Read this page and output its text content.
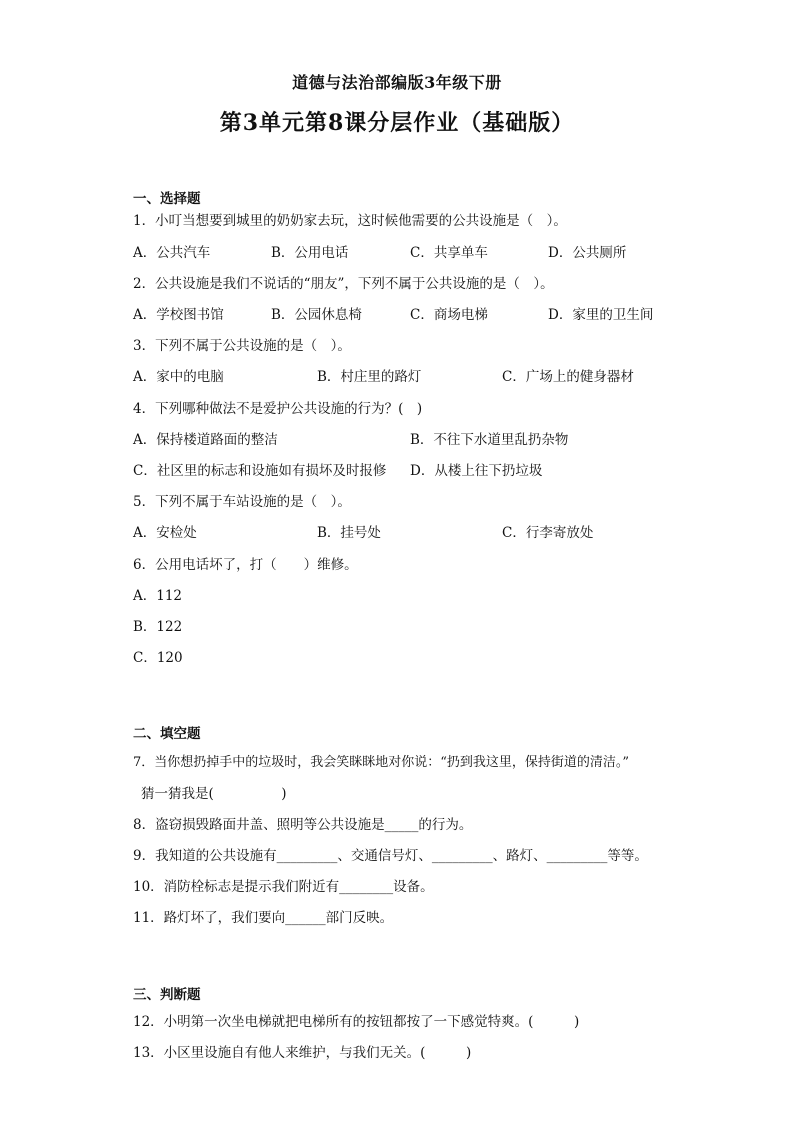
道德与法治部编版3年级下册
第3单元第8课分层作业（基础版）
一、选择题
1．小叮当想要到城里的奶奶家去玩，这时候他需要的公共设施是（　）。
A．公共汽车	B．公用电话	C．共享单车	D．公共厕所
2．公共设施是我们不说话的“朋友”，下列不属于公共设施的是（　）。
A．学校图书馆	B．公园休息椅	C．商场电梯	D．家里的卫生间
3．下列不属于公共设施的是（　）。
A．家中的电脑	B．村庄里的路灯	C．广场上的健身器材
4．下列哪种做法不是爱护公共设施的行为？(　)
A．保持楼道路面的整洁	B．不往下水道里乱扔杂物
C．社区里的标志和设施如有损坏及时报修 D．从楼上往下扔垃圾
5．下列不属于车站设施的是（　）。
A．安检处	B．挂号处	C．行李寄放处
6．公用电话坏了，打（　　）维修。
A．112
B．122
C．120
二、填空题
7．当你想扔掉手中的垃圾时，我会笑眯眯地对你说：“扔到我这里，保持街道的清洁。”
猜一猜我是(　　　　　)
8．盗窃损毁路面井盖、照明等公共设施是_____的行为。
9．我知道的公共设施有_________、交通信号灯、_________、路灯、_________等等。
10．消防栓标志是提示我们附近有________设备。
11．路灯坏了，我们要向______部门反映。
三、判断题
12．小明第一次坐电梯就把电梯所有的按钮都按了一下感觉特爽。(　　　)
13．小区里设施自有他人来维护，与我们无关。(　　　)
